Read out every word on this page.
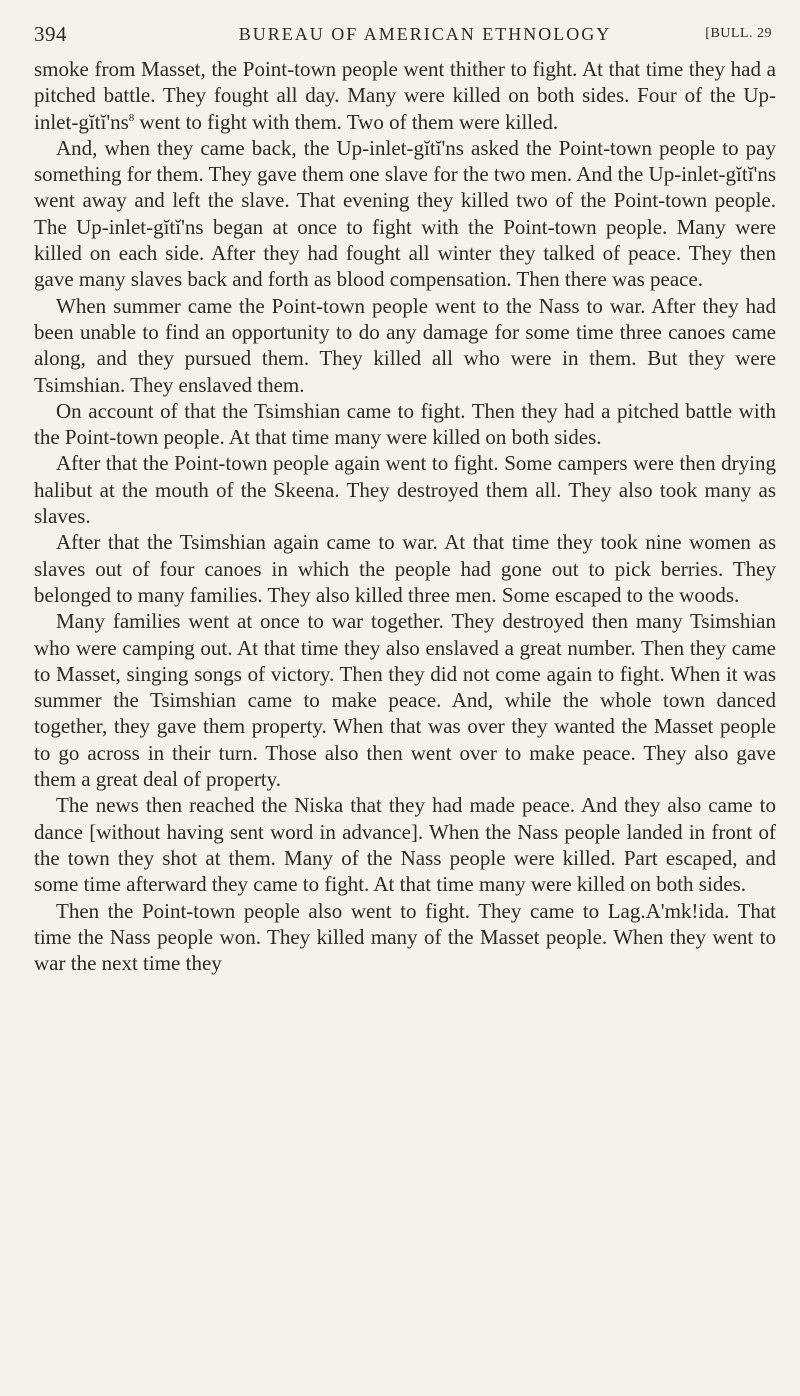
394	BUREAU OF AMERICAN ETHNOLOGY	[BULL. 29

smoke from Masset, the Point-town people went thither to fight. At that time they had a pitched battle. They fought all day. Many were killed on both sides. Four of the Up-inlet-gĭtĭ'ns$^8$ went to fight with them. Two of them were killed.

And, when they came back, the Up-inlet-gĭtĭ'ns asked the Point-town people to pay something for them. They gave them one slave for the two men. And the Up-inlet-gĭtĭ'ns went away and left the slave. That evening they killed two of the Point-town people. The Up-inlet-gĭtĭ'ns began at once to fight with the Point-town people. Many were killed on each side. After they had fought all winter they talked of peace. They then gave many slaves back and forth as blood compensation. Then there was peace.

When summer came the Point-town people went to the Nass to war. After they had been unable to find an opportunity to do any damage for some time three canoes came along, and they pursued them. They killed all who were in them. But they were Tsimshian. They enslaved them.

On account of that the Tsimshian came to fight. Then they had a pitched battle with the Point-town people. At that time many were killed on both sides.

After that the Point-town people again went to fight. Some campers were then drying halibut at the mouth of the Skeena. They destroyed them all. They also took many as slaves.

After that the Tsimshian again came to war. At that time they took nine women as slaves out of four canoes in which the people had gone out to pick berries. They belonged to many families. They also killed three men. Some escaped to the woods.

Many families went at once to war together. They destroyed then many Tsimshian who were camping out. At that time they also enslaved a great number. Then they came to Masset, singing songs of victory. Then they did not come again to fight. When it was summer the Tsimshian came to make peace. And, while the whole town danced together, they gave them property. When that was over they wanted the Masset people to go across in their turn. Those also then went over to make peace. They also gave them a great deal of property.

The news then reached the Niska that they had made peace. And they also came to dance [without having sent word in advance]. When the Nass people landed in front of the town they shot at them. Many of the Nass people were killed. Part escaped, and some time afterward they came to fight. At that time many were killed on both sides.

Then the Point-town people also went to fight. They came to Lag.A'mk!ida. That time the Nass people won. They killed many of the Masset people. When they went to war the next time they
